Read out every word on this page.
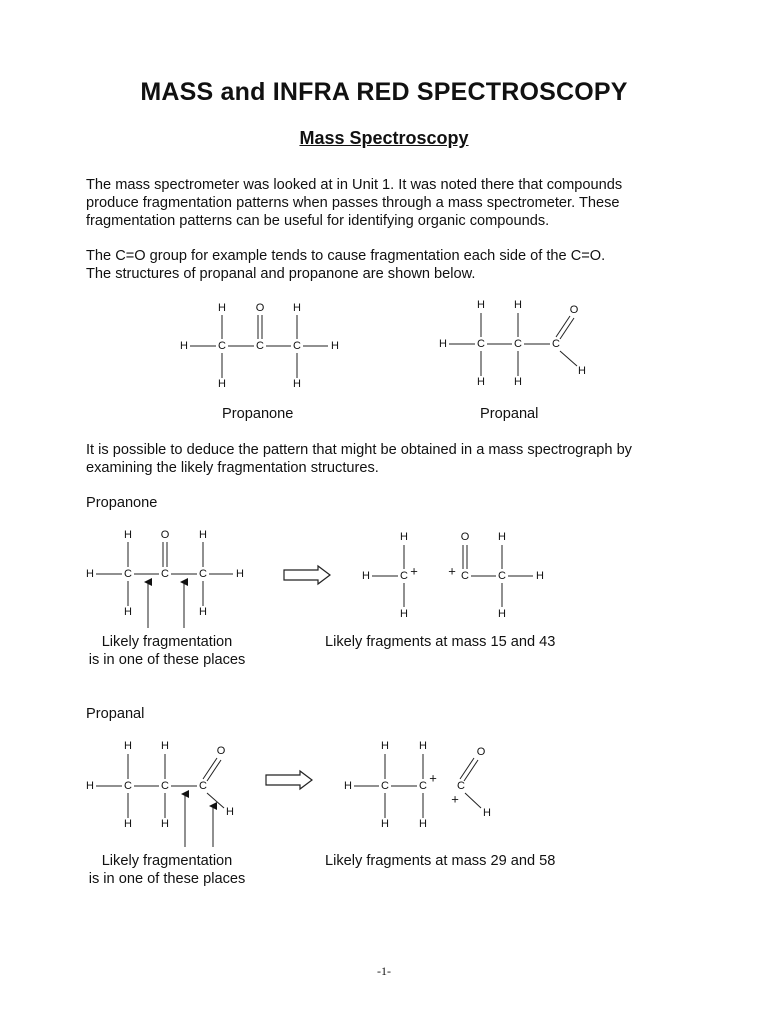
MASS and INFRA RED SPECTROSCOPY
Mass Spectroscopy
The mass spectrometer was looked at in Unit 1. It was noted there that compounds
produce fragmentation patterns when passes through a mass spectrometer. These
fragmentation patterns can be useful for identifying organic compounds.
The C=O group for example tends to cause fragmentation each side of the C=O.
The structures of propanal and propanone are shown below.
Propanone	Propanal
It is possible to deduce the pattern that might be obtained in a mass spectrograph by
examining the likely fragmentation structures.
Propanone
Likely fragmentation
is in one of these places
Likely fragments at mass 15 and 43
Propanal
Likely fragmentation
is in one of these places
Likely fragments at mass 29 and 58
H	C	C	C	H
H	O	H
H	H
H	C	C	C
H	H	O
H	H
H
H	C	C	C	H
H	O	H
H	H
H	C +
H
H
+ C	C	H
O	H
H
H	C	C	C
H	H	O
H	H
H
H	C	C
+
H	H
H	H
C
+
O
H
-1-
